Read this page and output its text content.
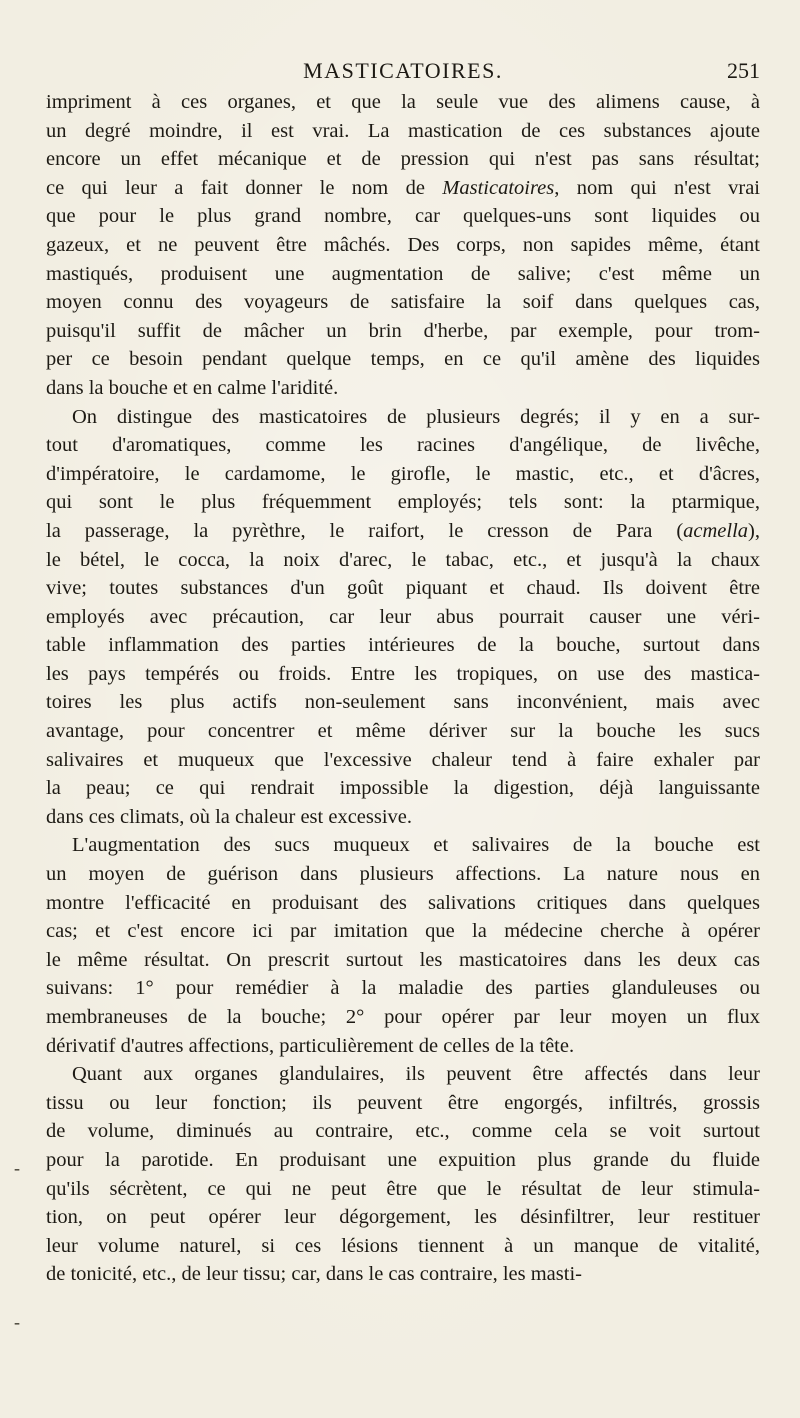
MASTICATOIRES.	251
-
-
impriment à ces organes, et que la seule vue des alimens cause, à
un degré moindre, il est vrai. La mastication de ces substances ajoute
encore un effet mécanique et de pression qui n'est pas sans résultat;
ce qui leur a fait donner le nom de Masticatoires, nom qui n'est vrai
que pour le plus grand nombre, car quelques-uns sont liquides ou
gazeux, et ne peuvent être mâchés. Des corps, non sapides même, étant
mastiqués, produisent une augmentation de salive; c'est même un
moyen connu des voyageurs de satisfaire la soif dans quelques cas,
puisqu'il suffit de mâcher un brin d'herbe, par exemple, pour trom-
per ce besoin pendant quelque temps, en ce qu'il amène des liquides
dans la bouche et en calme l'aridité.
On distingue des masticatoires de plusieurs degrés; il y en a sur-
tout d'aromatiques, comme les racines d'angélique, de livêche,
d'impératoire, le cardamome, le girofle, le mastic, etc., et d'âcres,
qui sont le plus fréquemment employés; tels sont: la ptarmique,
la passerage, la pyrèthre, le raifort, le cresson de Para (acmella),
le bétel, le cocca, la noix d'arec, le tabac, etc., et jusqu'à la chaux
vive; toutes substances d'un goût piquant et chaud. Ils doivent être
employés avec précaution, car leur abus pourrait causer une véri-
table inflammation des parties intérieures de la bouche, surtout dans
les pays tempérés ou froids. Entre les tropiques, on use des mastica-
toires les plus actifs non-seulement sans inconvénient, mais avec
avantage, pour concentrer et même dériver sur la bouche les sucs
salivaires et muqueux que l'excessive chaleur tend à faire exhaler par
la peau; ce qui rendrait impossible la digestion, déjà languissante
dans ces climats, où la chaleur est excessive.
L'augmentation des sucs muqueux et salivaires de la bouche est
un moyen de guérison dans plusieurs affections. La nature nous en
montre l'efficacité en produisant des salivations critiques dans quelques
cas; et c'est encore ici par imitation que la médecine cherche à opérer
le même résultat. On prescrit surtout les masticatoires dans les deux cas
suivans: 1° pour remédier à la maladie des parties glanduleuses ou
membraneuses de la bouche; 2° pour opérer par leur moyen un flux
dérivatif d'autres affections, particulièrement de celles de la tête.
Quant aux organes glandulaires, ils peuvent être affectés dans leur
tissu ou leur fonction; ils peuvent être engorgés, infiltrés, grossis
de volume, diminués au contraire, etc., comme cela se voit surtout
pour la parotide. En produisant une expuition plus grande du fluide
qu'ils sécrètent, ce qui ne peut être que le résultat de leur stimula-
tion, on peut opérer leur dégorgement, les désinfiltrer, leur restituer
leur volume naturel, si ces lésions tiennent à un manque de vitalité,
de tonicité, etc., de leur tissu; car, dans le cas contraire, les masti-
